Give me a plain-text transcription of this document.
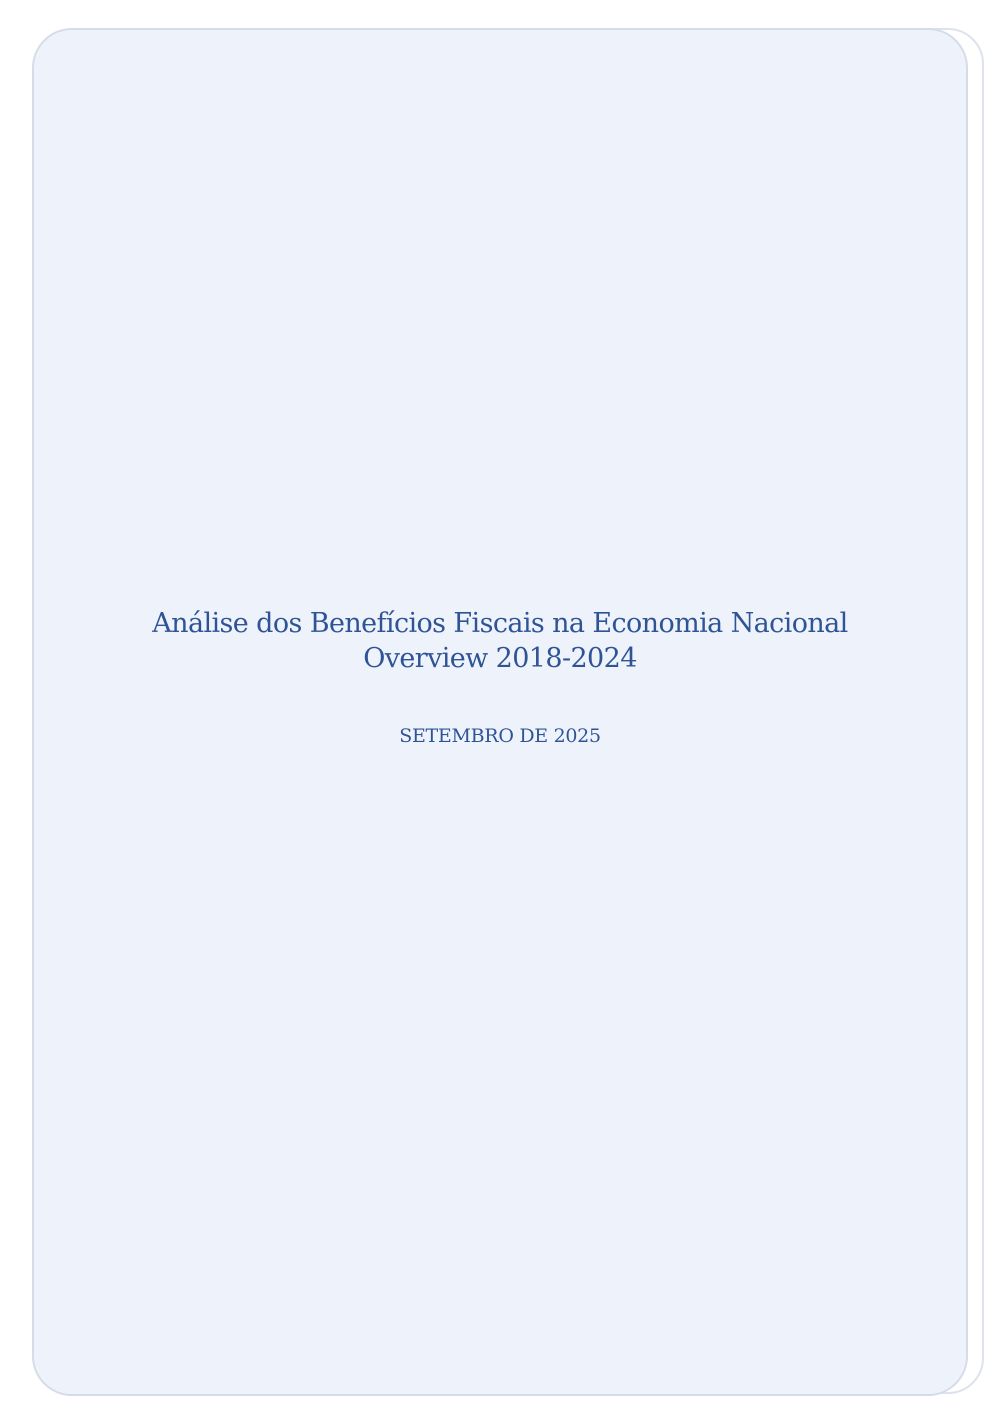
Análise dos Benefícios Fiscais na Economia Nacional

Overview 2018-2024

SETEMBRO DE 2025
